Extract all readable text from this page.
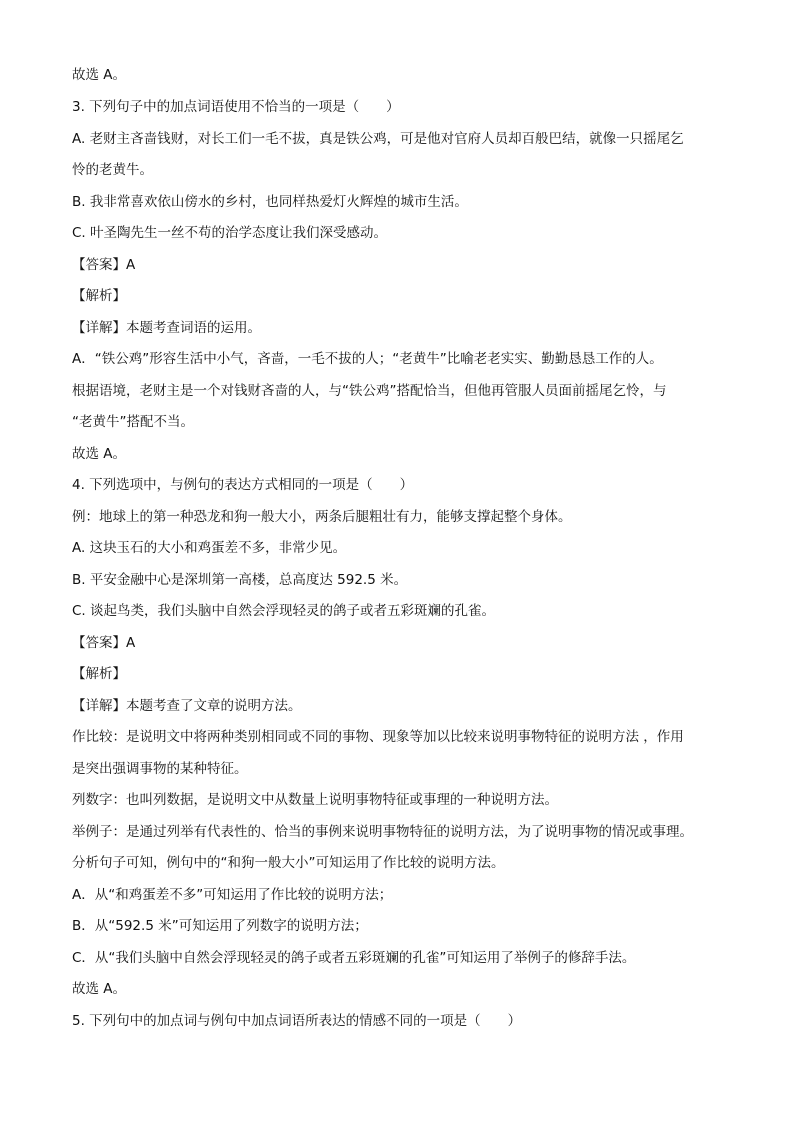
故选 A。
3. 下列句子中的加点词语使用不恰当的一项是（　　）
A. 老财主吝啬钱财，对长工们一毛不拔，真是铁公鸡，可是他对官府人员却百般巴结，就像一只摇尾乞
怜的老黄牛。
B. 我非常喜欢依山傍水的乡村，也同样热爱灯火辉煌的城市生活。
C. 叶圣陶先生一丝不苟的治学态度让我们深受感动。
【答案】A
【解析】
【详解】本题考查词语的运用。
A．“铁公鸡”形容生活中小气，吝啬，一毛不拔的人；“老黄牛”比喻老老实实、勤勤恳恳工作的人。
根据语境，老财主是一个对钱财吝啬的人，与“铁公鸡”搭配恰当，但他再管服人员面前摇尾乞怜，与
“老黄牛”搭配不当。
故选 A。
4. 下列选项中，与例句的表达方式相同的一项是（　　）
例：地球上的第一种恐龙和狗一般大小，两条后腿粗壮有力，能够支撑起整个身体。
A. 这块玉石的大小和鸡蛋差不多，非常少见。
B. 平安金融中心是深圳第一高楼，总高度达 592.5 米。
C. 谈起鸟类，我们头脑中自然会浮现轻灵的鸽子或者五彩斑斓的孔雀。
【答案】A
【解析】
【详解】本题考查了文章的说明方法。
作比较：是说明文中将两种类别相同或不同的事物、现象等加以比较来说明事物特征的说明方法 ，作用
是突出强调事物的某种特征。
列数字：也叫列数据，是说明文中从数量上说明事物特征或事理的一种说明方法。
举例子：是通过列举有代表性的、恰当的事例来说明事物特征的说明方法，为了说明事物的情况或事理。
分析句子可知，例句中的“和狗一般大小”可知运用了作比较的说明方法。
A．从“和鸡蛋差不多”可知运用了作比较的说明方法；
B．从“592.5 米”可知运用了列数字的说明方法；
C．从“我们头脑中自然会浮现轻灵的鸽子或者五彩斑斓的孔雀”可知运用了举例子的修辞手法。
故选 A。
5. 下列句中的加点词与例句中加点词语所表达的情感不同的一项是（　　）
